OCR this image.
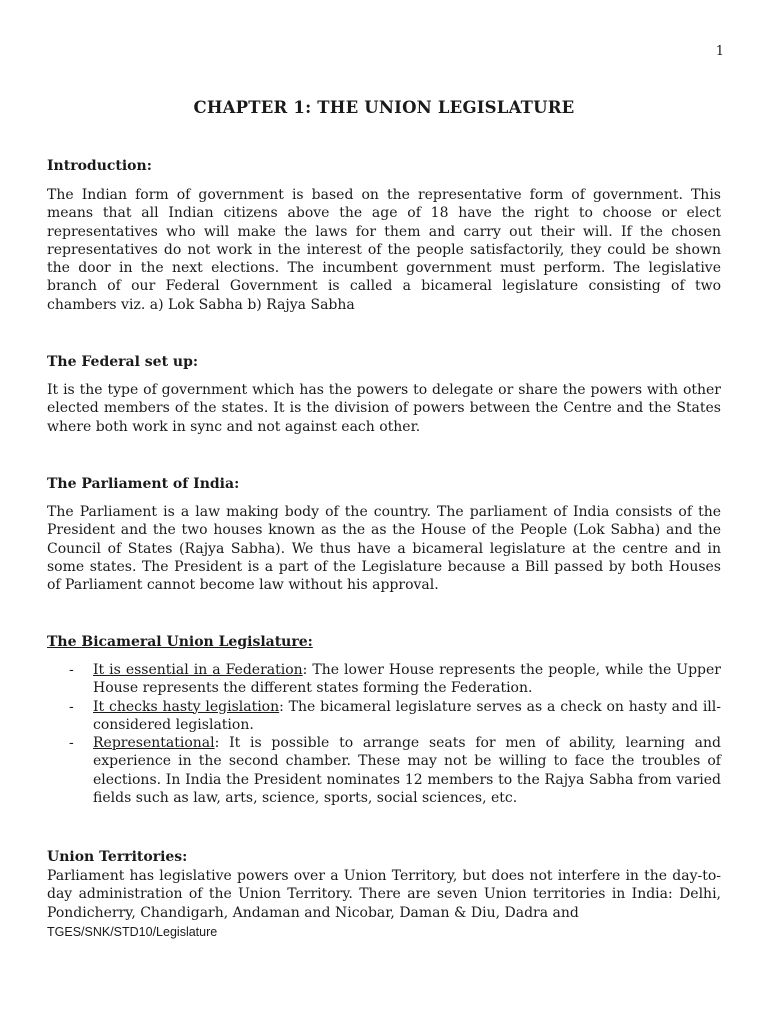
1
CHAPTER 1: THE UNION LEGISLATURE
Introduction:

The Indian form of government is based on the representative form of government. This means that all Indian citizens above the age of 18 have the right to choose or elect representatives who will make the laws for them and carry out their will. If the chosen representatives do not work in the interest of the people satisfactorily, they could be shown the door in the next elections. The incumbent government must perform. The legislative branch of our Federal Government is called a bicameral legislature consisting of two chambers viz. a) Lok Sabha b) Rajya Sabha

The Federal set up:

It is the type of government which has the powers to delegate or share the powers with other elected members of the states. It is the division of powers between the Centre and the States where both work in sync and not against each other.

The Parliament of India:

The Parliament is a law making body of the country. The parliament of India consists of the President and the two houses known as the as the House of the People (Lok Sabha) and the Council of States (Rajya Sabha). We thus have a bicameral legislature at the centre and in some states. The President is a part of the Legislature because a Bill passed by both Houses of Parliament cannot become law without his approval.

The Bicameral Union Legislature:
- It is essential in a Federation: The lower House represents the people, while the Upper House represents the different states forming the Federation.
- It checks hasty legislation: The bicameral legislature serves as a check on hasty and ill-considered legislation.
- Representational: It is possible to arrange seats for men of ability, learning and experience in the second chamber. These may not be willing to face the troubles of elections. In India the President nominates 12 members to the Rajya Sabha from varied fields such as law, arts, science, sports, social sciences, etc.
Union Territories:

Parliament has legislative powers over a Union Territory, but does not interfere in the day-to-day administration of the Union Territory. There are seven Union territories in India: Delhi, Pondicherry, Chandigarh, Andaman and Nicobar, Daman & Diu, Dadra and

TGES/SNK/STD10/Legislature
